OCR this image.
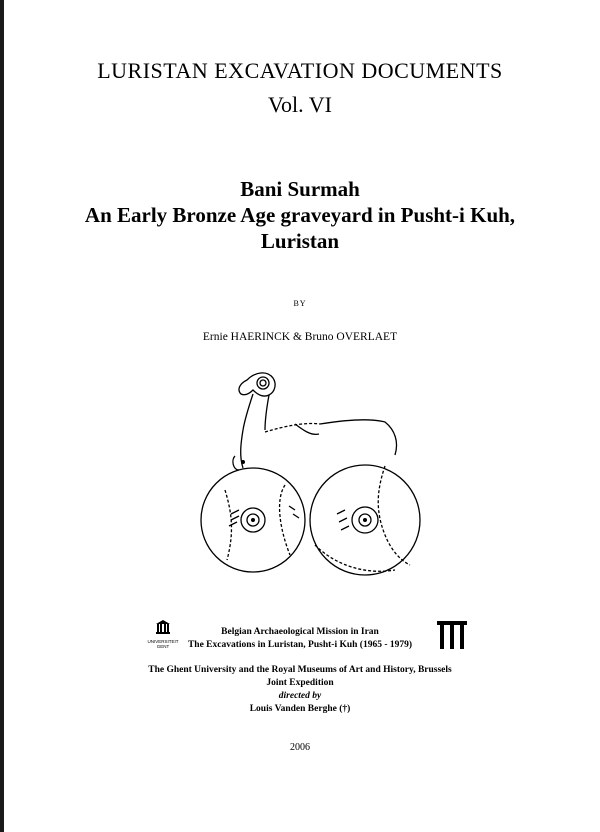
LURISTAN EXCAVATION DOCUMENTS
Vol. VI
Bani Surmah
An Early Bronze Age graveyard in Pusht-i Kuh,
Luristan
BY
Ernie HAERINCK & Bruno OVERLAET
UNIVERSITEIT
GENT
Belgian Archaeological Mission in Iran
The Excavations in Luristan, Pusht-i Kuh (1965 - 1979)
The Ghent University and the Royal Museums of Art and History, Brussels
Joint Expedition
directed by
Louis Vanden Berghe (†)
2006
